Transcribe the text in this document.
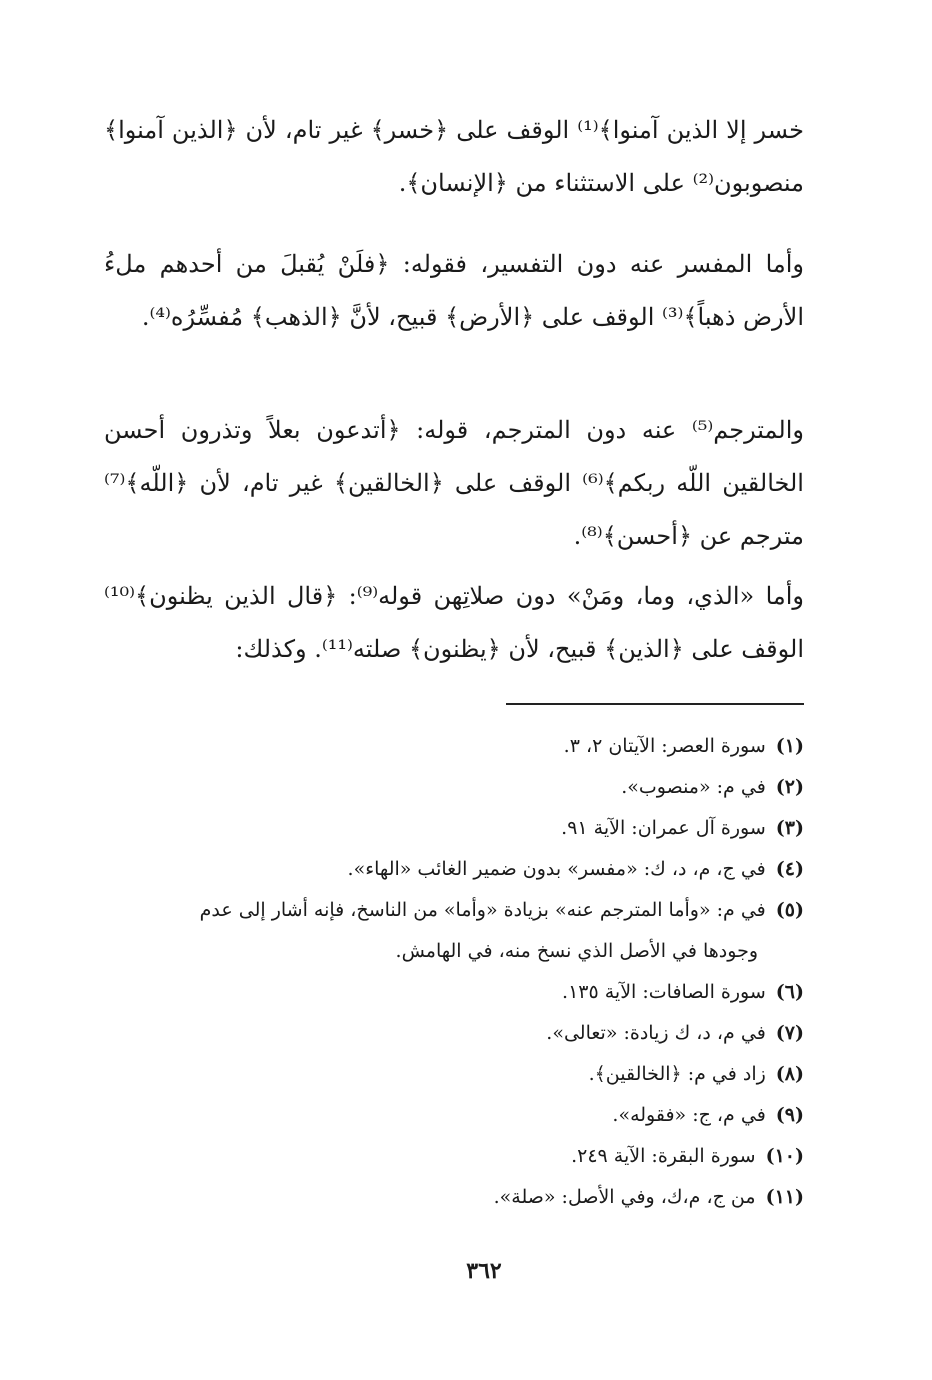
خسر إلا الذين آمنوا﴾⁽¹⁾ الوقف على ﴿خسر﴾ غير تام، لأن ﴿الذين آمنوا﴾ منصوبون⁽²⁾ على الاستثناء من ﴿الإنسان﴾.

وأما المفسر عنه دون التفسير، فقوله: ﴿فلَنْ يُقبلَ من أحدهم ملءُ الأرض ذهباً﴾⁽³⁾ الوقف على ﴿الأرض﴾ قبيح، لأنَّ ﴿الذهب﴾ مُفسِّرُه⁽⁴⁾.

والمترجم⁽⁵⁾ عنه دون المترجم، قوله: ﴿أتدعون بعلاً وتذرون أحسن الخالقين اللّه ربكم﴾⁽⁶⁾ الوقف على ﴿الخالقين﴾ غير تام، لأن ﴿اللّه﴾⁽⁷⁾ مترجم عن ﴿أحسن﴾⁽⁸⁾.

وأما «الذي، وما، ومَنْ» دون صلاتِهن قوله⁽⁹⁾: ﴿قال الذين يظنون﴾⁽¹⁰⁾ الوقف على ﴿الذين﴾ قبيح، لأن ﴿يظنون﴾ صلته⁽¹¹⁾. وكذلك:

(١)سورة العصر: الآيتان ٢، ٣.
(٢)في م: «منصوب».
(٣)سورة آل عمران: الآية ٩١.
(٤)في ج، م، د، ك: «مفسر» بدون ضمير الغائب «الهاء».
(٥)في م: «وأما المترجم عنه» بزيادة «وأما» من الناسخ، فإنه أشار إلى عدم
وجودها في الأصل الذي نسخ منه، في الهامش.
(٦)سورة الصافات: الآية ١٣٥.
(٧)في م، د، ك زيادة: «تعالى».
(٨)زاد في م: ﴿الخالقين﴾.
(٩)في م، ج: «فقوله».
(١٠)سورة البقرة: الآية ٢٤٩.
(١١)من ج، م،ك، وفي الأصل: «صلة».
٣٦٢
